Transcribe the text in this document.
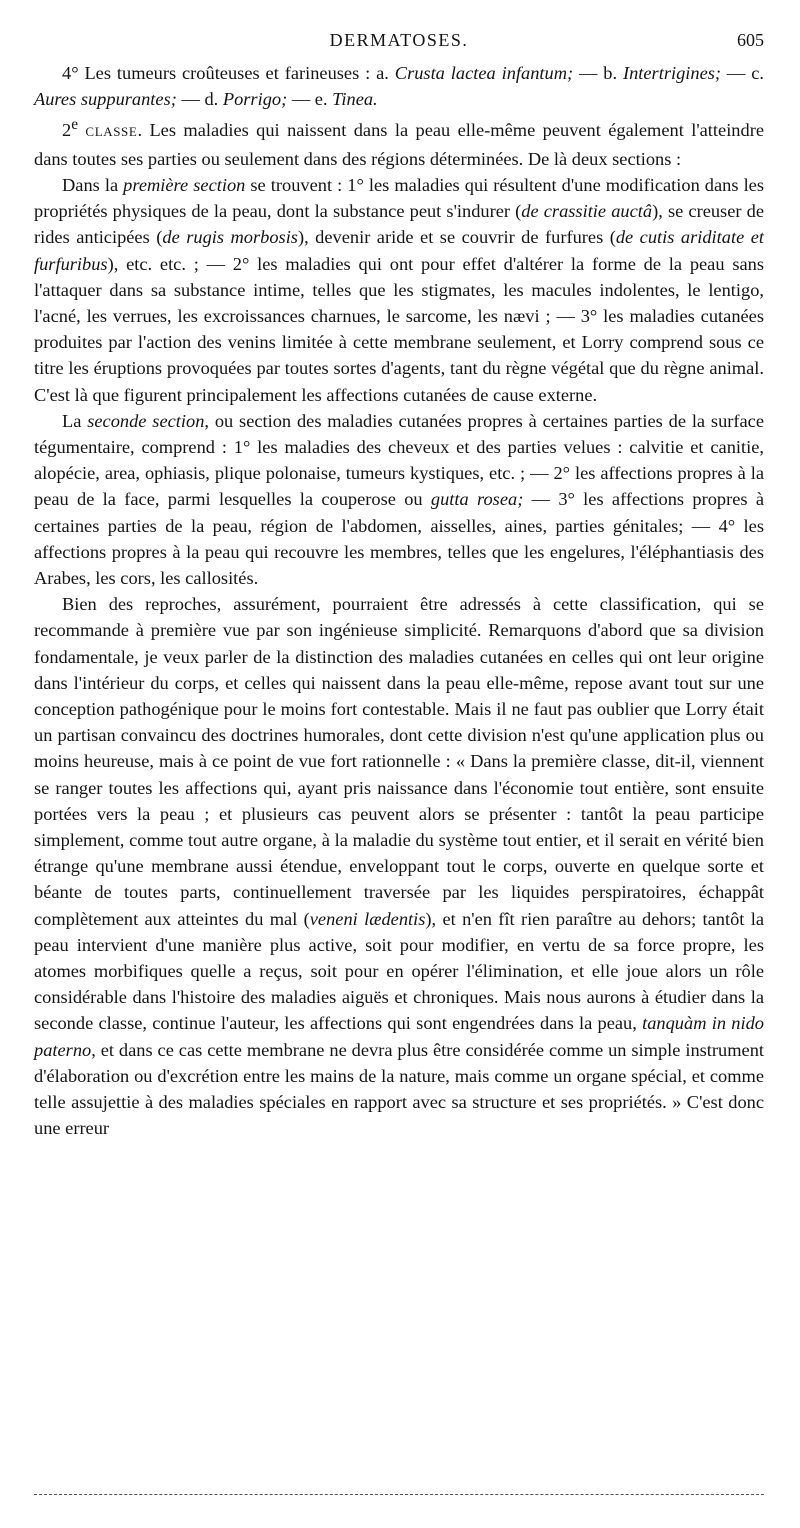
DERMATOSES.	605

4° Les tumeurs croûteuses et farineuses : a. Crusta lactea infantum; — b. Intertrigines; — c. Aures suppurantes; — d. Porrigo; — e. Tinea.

2e CLASSE. Les maladies qui naissent dans la peau elle-même peuvent également l'atteindre dans toutes ses parties ou seulement dans des régions déterminées. De là deux sections :

Dans la première section se trouvent : 1° les maladies qui résultent d'une modification dans les propriétés physiques de la peau, dont la substance peut s'indurer (de crassitie auctâ), se creuser de rides anticipées (de rugis morbosis), devenir aride et se couvrir de furfures (de cutis ariditate et furfuribus), etc. etc. ; — 2° les maladies qui ont pour effet d'altérer la forme de la peau sans l'attaquer dans sa substance intime, telles que les stigmates, les macules indolentes, le lentigo, l'acné, les verrues, les excroissances charnues, le sarcome, les nævi ; — 3° les maladies cutanées produites par l'action des venins limitée à cette membrane seulement, et Lorry comprend sous ce titre les éruptions provoquées par toutes sortes d'agents, tant du règne végétal que du règne animal. C'est là que figurent principalement les affections cutanées de cause externe.

La seconde section, ou section des maladies cutanées propres à certaines parties de la surface tégumentaire, comprend : 1° les maladies des cheveux et des parties velues : calvitie et canitie, alopécie, area, ophiasis, plique polonaise, tumeurs kystiques, etc. ; — 2° les affections propres à la peau de la face, parmi lesquelles la couperose ou gutta rosea; — 3° les affections propres à certaines parties de la peau, région de l'abdomen, aisselles, aines, parties génitales; — 4° les affections propres à la peau qui recouvre les membres, telles que les engelures, l'éléphantiasis des Arabes, les cors, les callosités.

Bien des reproches, assurément, pourraient être adressés à cette classification, qui se recommande à première vue par son ingénieuse simplicité. Remarquons d'abord que sa division fondamentale, je veux parler de la distinction des maladies cutanées en celles qui ont leur origine dans l'intérieur du corps, et celles qui naissent dans la peau elle-même, repose avant tout sur une conception pathogénique pour le moins fort contestable. Mais il ne faut pas oublier que Lorry était un partisan convaincu des doctrines humorales, dont cette division n'est qu'une application plus ou moins heureuse, mais à ce point de vue fort rationnelle : « Dans la première classe, dit-il, viennent se ranger toutes les affections qui, ayant pris naissance dans l'économie tout entière, sont ensuite portées vers la peau ; et plusieurs cas peuvent alors se présenter : tantôt la peau participe simplement, comme tout autre organe, à la maladie du système tout entier, et il serait en vérité bien étrange qu'une membrane aussi étendue, enveloppant tout le corps, ouverte en quelque sorte et béante de toutes parts, continuellement traversée par les liquides perspiratoires, échappât complètement aux atteintes du mal (veneni lædentis), et n'en fît rien paraître au dehors; tantôt la peau intervient d'une manière plus active, soit pour modifier, en vertu de sa force propre, les atomes morbifiques quelle a reçus, soit pour en opérer l'élimination, et elle joue alors un rôle considérable dans l'histoire des maladies aiguës et chroniques. Mais nous aurons à étudier dans la seconde classe, continue l'auteur, les affections qui sont engendrées dans la peau, tanquàm in nido paterno, et dans ce cas cette membrane ne devra plus être considérée comme un simple instrument d'élaboration ou d'excrétion entre les mains de la nature, mais comme un organe spécial, et comme telle assujettie à des maladies spéciales en rapport avec sa structure et ses propriétés. » C'est donc une erreur
